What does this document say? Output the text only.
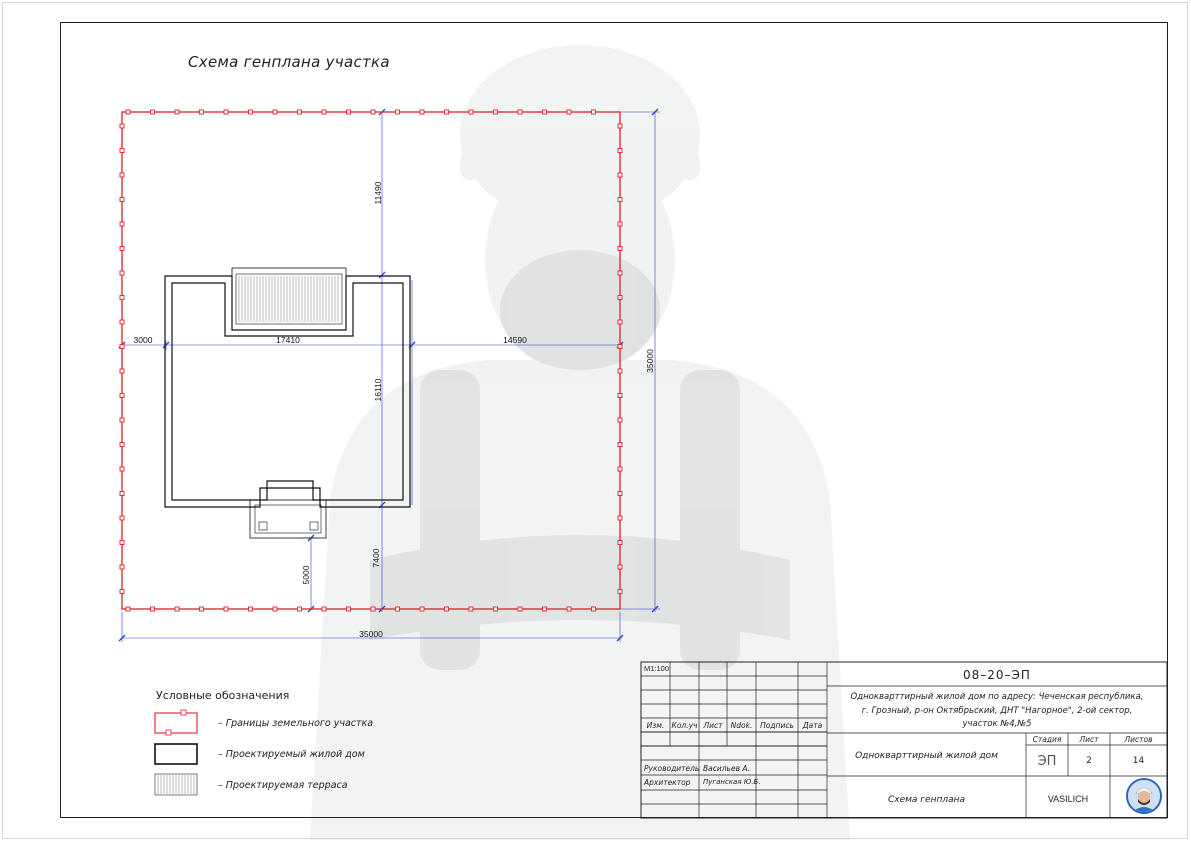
Схема генплана участка
11490
3000	17410	14590
16110
35000
35000
7400
5000
Условные обозначения
– Границы земельного участка
– Проектируемый жилой дом
– Проектируемая терраса
М1:100	08–20–ЭП
Однокварттирный жилой дом по адресу: Чеченская республика,
г. Грозный, р-он Октябрьский, ДНТ "Нагорное", 2-ой сектор,
участок №4,№5
Изм. Кол.уч Лист	Ndok.	Подпись	Дата
Руководитель Васильев А.
Архитектор Пуганская Ю.Б.
Однокварттирный жилой дом
Стадия	Лист	Листов
ЭП	2	14
Схема генплана	VASILICH
